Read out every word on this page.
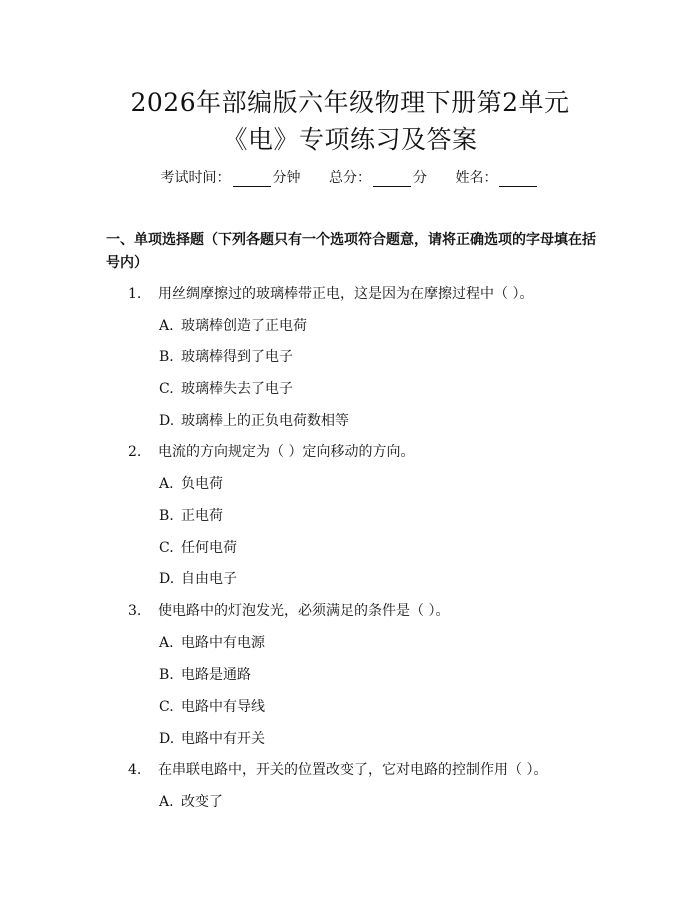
2026年部编版六年级物理下册第2单元
《电》专项练习及答案
考试时间：	分钟 总分：	分 姓名：
一、单项选择题（下列各题只有一个选项符合题意，请将正确选项的字母填在括号内）
1. 用丝绸摩擦过的玻璃棒带正电，这是因为在摩擦过程中（ ）。
A. 玻璃棒创造了正电荷
B. 玻璃棒得到了电子
C. 玻璃棒失去了电子
D. 玻璃棒上的正负电荷数相等
2. 电流的方向规定为（ ）定向移动的方向。
A. 负电荷
B. 正电荷
C. 任何电荷
D. 自由电子
3. 使电路中的灯泡发光，必须满足的条件是（ ）。
A. 电路中有电源
B. 电路是通路
C. 电路中有导线
D. 电路中有开关
4. 在串联电路中，开关的位置改变了，它对电路的控制作用（ ）。
A. 改变了
